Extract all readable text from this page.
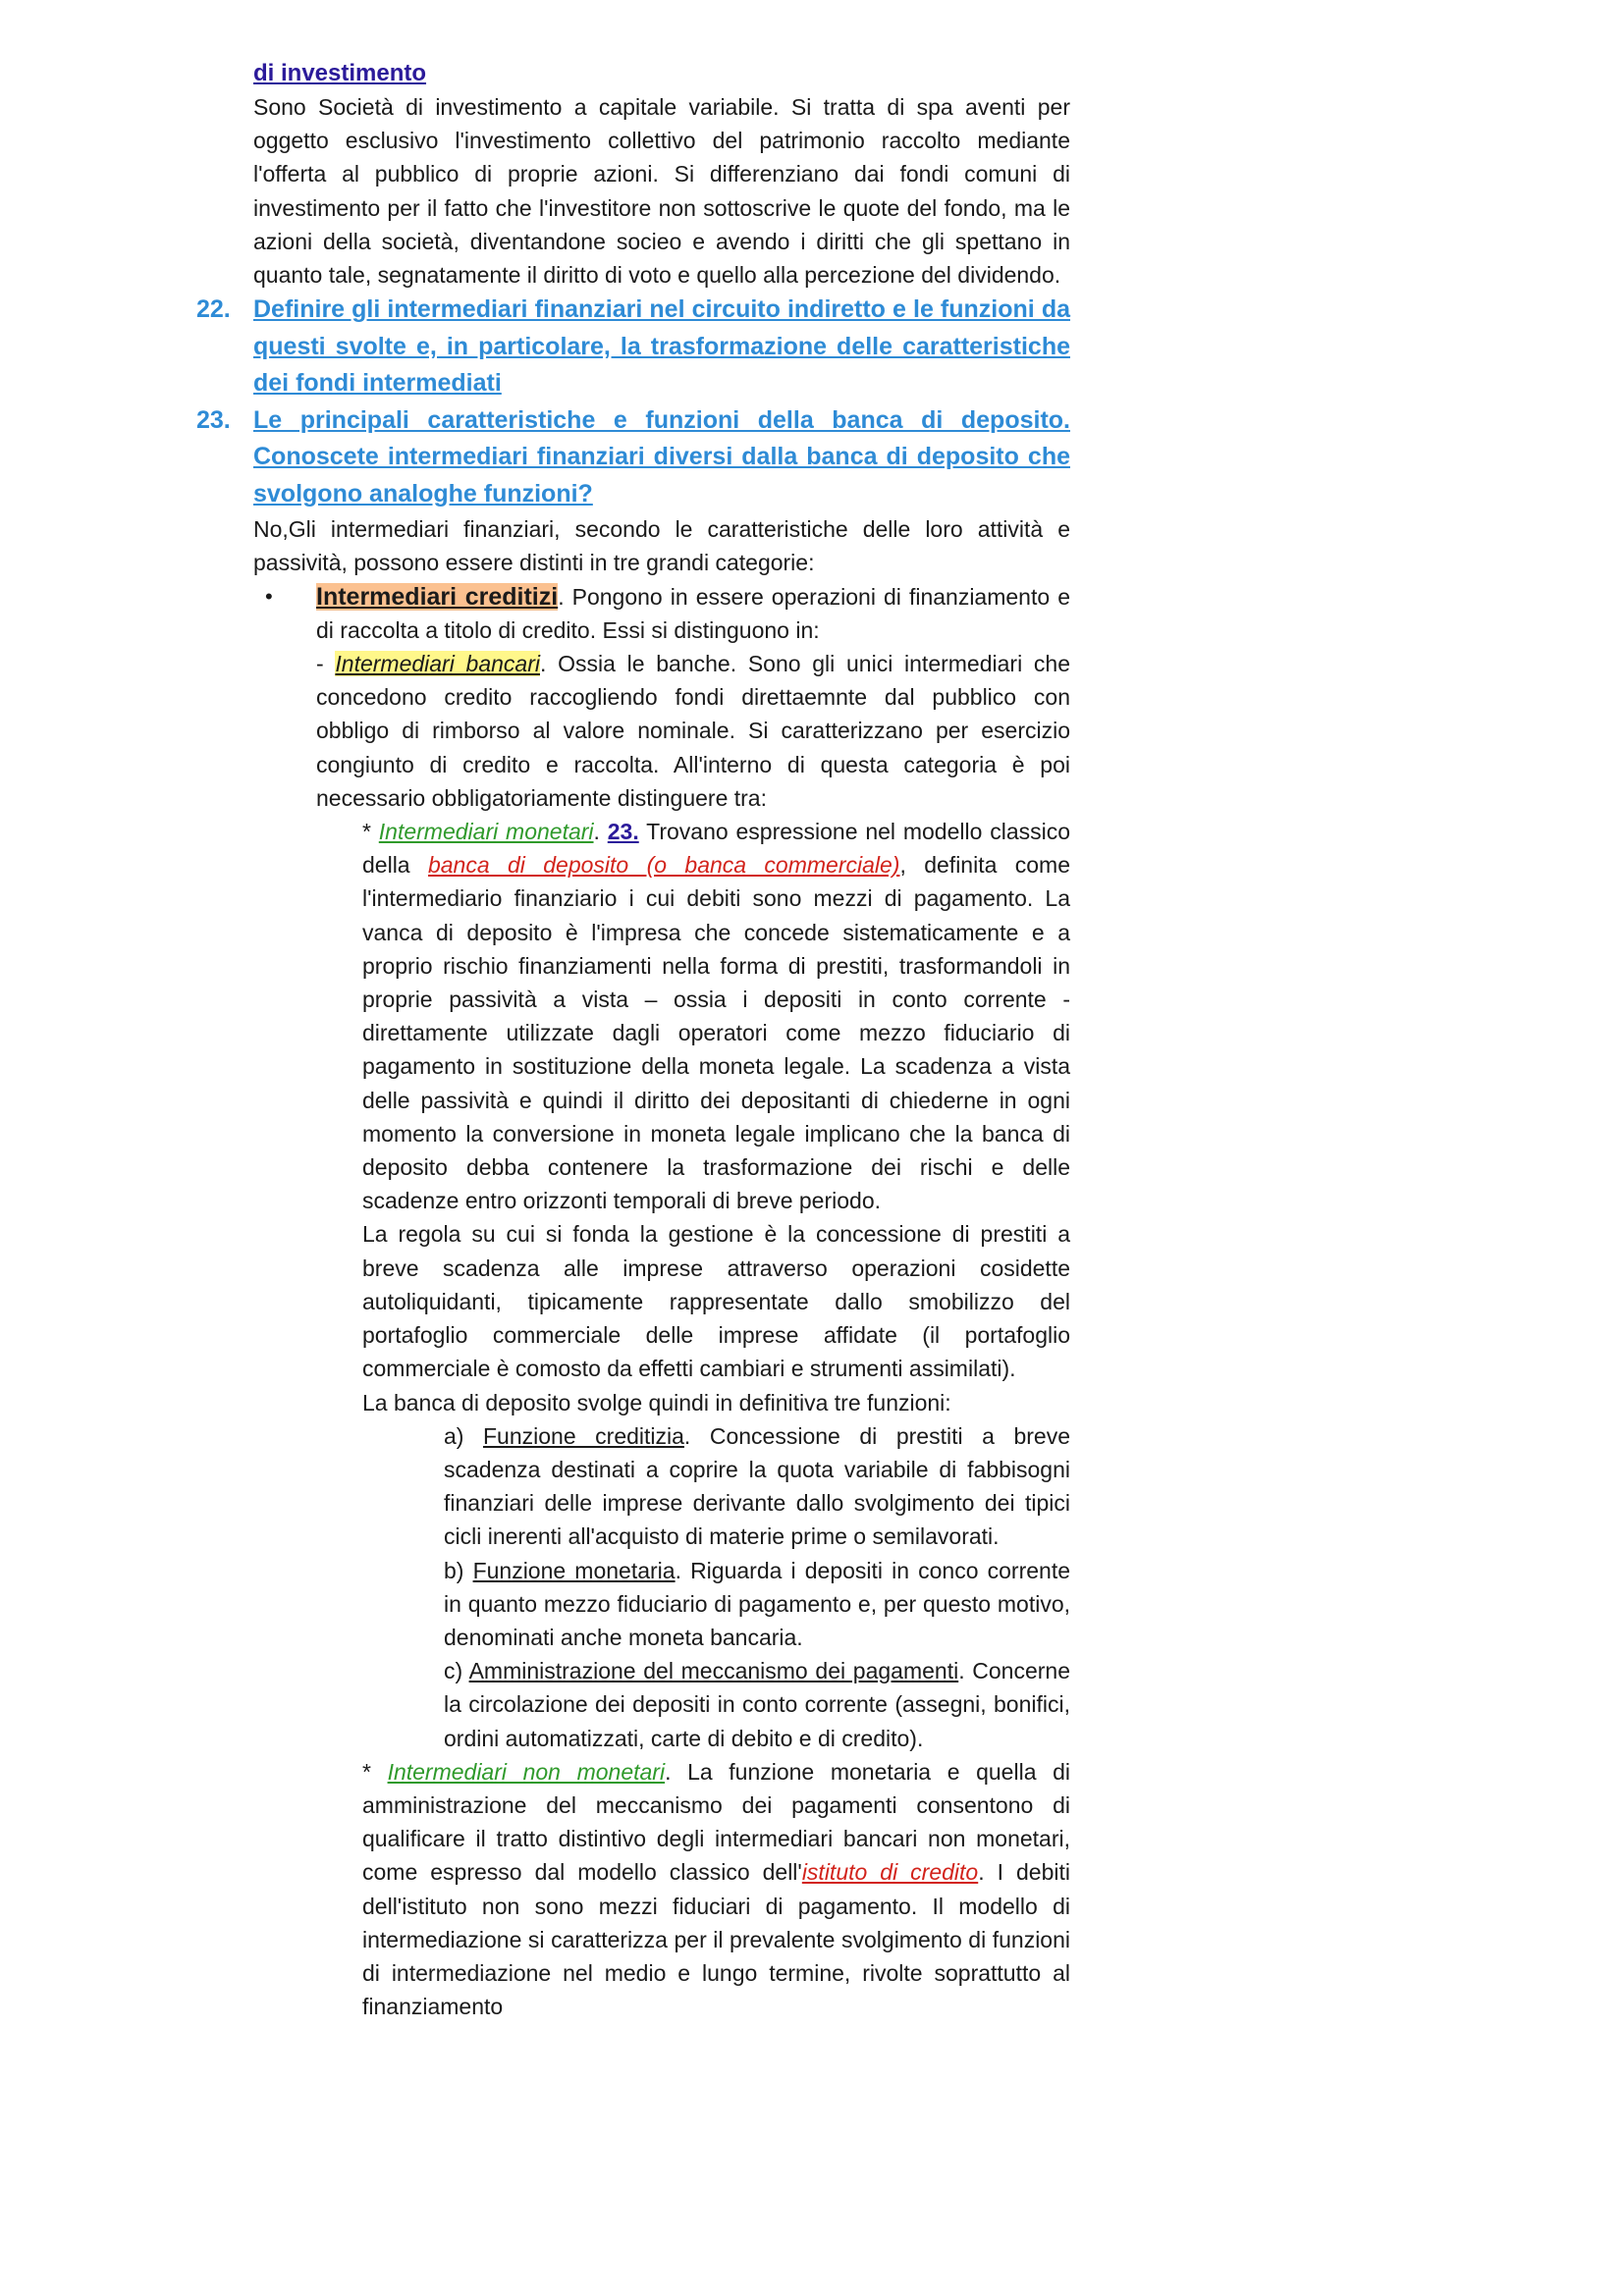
di investimento

Sono Società di investimento a capitale variabile. Si tratta di spa aventi per oggetto esclusivo l'investimento collettivo del patrimonio raccolto mediante l'offerta al pubblico di proprie azioni. Si differenziano dai fondi comuni di investimento per il fatto che l'investitore non sottoscrive le quote del fondo, ma le azioni della società, diventandone socieo e avendo i diritti che gli spettano in quanto tale, segnatamente il diritto di voto e quello alla percezione del dividendo.

22. Definire gli intermediari finanziari nel circuito indiretto e le funzioni da questi svolte e, in particolare, la trasformazione delle caratteristiche dei fondi intermediati
23. Le principali caratteristiche e funzioni della banca di deposito. Conoscete intermediari finanziari diversi dalla banca di deposito che svolgono analoghe funzioni?

No,Gli intermediari finanziari, secondo le caratteristiche delle loro attività e passività, possono essere distinti in tre grandi categorie:

• Intermediari creditizi. Pongono in essere operazioni di finanziamento e di raccolta a titolo di credito. Essi si distinguono in:
- Intermediari bancari. Ossia le banche. Sono gli unici intermediari che concedono credito raccogliendo fondi direttaemnte dal pubblico con obbligo di rimborso al valore nominale. Si caratterizzano per esercizio congiunto di credito e raccolta. All'interno di questa categoria è poi necessario obbligatoriamente distinguere tra:

* Intermediari monetari. 23. Trovano espressione nel modello classico della banca di deposito (o banca commerciale), definita come l'intermediario finanziario i cui debiti sono mezzi di pagamento. La vanca di deposito è l'impresa che concede sistematicamente e a proprio rischio finanziamenti nella forma di prestiti, trasformandoli in proprie passività a vista – ossia i depositi in conto corrente - direttamente utilizzate dagli operatori come mezzo fiduciario di pagamento in sostituzione della moneta legale. La scadenza a vista delle passività e quindi il diritto dei depositanti di chiederne in ogni momento la conversione in moneta legale implicano che la banca di deposito debba contenere la trasformazione dei rischi e delle scadenze entro orizzonti temporali di breve periodo.

La regola su cui si fonda la gestione è la concessione di prestiti a breve scadenza alle imprese attraverso operazioni cosidette autoliquidanti, tipicamente rappresentate dallo smobilizzo del portafoglio commerciale delle imprese affidate (il portafoglio commerciale è comosto da effetti cambiari e strumenti assimilati).

La banca di deposito svolge quindi in definitiva tre funzioni:

a) Funzione creditizia. Concessione di prestiti a breve scadenza destinati a coprire la quota variabile di fabbisogni finanziari delle imprese derivante dallo svolgimento dei tipici cicli inerenti all'acquisto di materie prime o semilavorati.

b) Funzione monetaria. Riguarda i depositi in conco corrente in quanto mezzo fiduciario di pagamento e, per questo motivo, denominati anche moneta bancaria.

c) Amministrazione del meccanismo dei pagamenti. Concerne la circolazione dei depositi in conto corrente (assegni, bonifici, ordini automatizzati, carte di debito e di credito).

* Intermediari non monetari. La funzione monetaria e quella di amministrazione del meccanismo dei pagamenti consentono di qualificare il tratto distintivo degli intermediari bancari non monetari, come espresso dal modello classico dell'istituto di credito. I debiti dell'istituto non sono mezzi fiduciari di pagamento. Il modello di intermediazione si caratterizza per il prevalente svolgimento di funzioni di intermediazione nel medio e lungo termine, rivolte soprattutto al finanziamento
